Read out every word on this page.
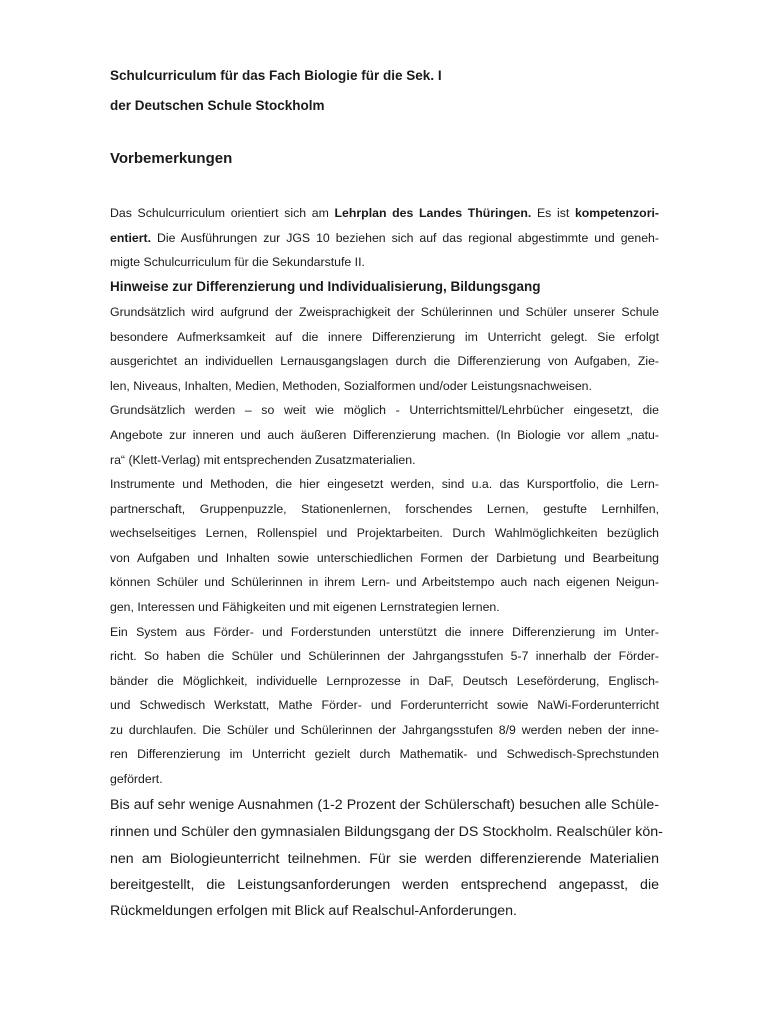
Schulcurriculum für das Fach Biologie für die Sek. I
der Deutschen Schule Stockholm
Vorbemerkungen
Das Schulcurriculum orientiert sich am Lehrplan des Landes Thüringen. Es ist kompetenzori-
entiert. Die Ausführungen zur JGS 10 beziehen sich auf das regional abgestimmte und geneh-
migte Schulcurriculum für die Sekundarstufe II.
Hinweise zur Differenzierung und Individualisierung, Bildungsgang
Grundsätzlich wird aufgrund der Zweisprachigkeit der Schülerinnen und Schüler unserer Schule
besondere Aufmerksamkeit auf die innere Differenzierung im Unterricht gelegt. Sie erfolgt
ausgerichtet an individuellen Lernausgangslagen durch die Differenzierung von Aufgaben, Zie-
len, Niveaus, Inhalten, Medien, Methoden, Sozialformen und/oder Leistungsnachweisen.
Grundsätzlich werden – so weit wie möglich - Unterrichtsmittel/Lehrbücher eingesetzt, die
Angebote zur inneren und auch äußeren Differenzierung machen. (In Biologie vor allem „natu-
ra“ (Klett-Verlag) mit entsprechenden Zusatzmaterialien.
Instrumente und Methoden, die hier eingesetzt werden, sind u.a. das Kursportfolio, die Lern-
partnerschaft, Gruppenpuzzle, Stationenlernen, forschendes Lernen, gestufte Lernhilfen,
wechselseitiges Lernen, Rollenspiel und Projektarbeiten. Durch Wahlmöglichkeiten bezüglich
von Aufgaben und Inhalten sowie unterschiedlichen Formen der Darbietung und Bearbeitung
können Schüler und Schülerinnen in ihrem Lern- und Arbeitstempo auch nach eigenen Neigun-
gen, Interessen und Fähigkeiten und mit eigenen Lernstrategien lernen.
Ein System aus Förder- und Forderstunden unterstützt die innere Differenzierung im Unter-
richt. So haben die Schüler und Schülerinnen der Jahrgangsstufen 5-7 innerhalb der Förder-
bänder die Möglichkeit, individuelle Lernprozesse in DaF, Deutsch Leseförderung, Englisch-
und Schwedisch Werkstatt, Mathe Förder- und Forderunterricht sowie NaWi-Forderunterricht
zu durchlaufen. Die Schüler und Schülerinnen der Jahrgangsstufen 8/9 werden neben der inne-
ren Differenzierung im Unterricht gezielt durch Mathematik- und Schwedisch-Sprechstunden
gefördert.
Bis auf sehr wenige Ausnahmen (1-2 Prozent der Schülerschaft) besuchen alle Schüle-
rinnen und Schüler den gymnasialen Bildungsgang der DS Stockholm. Realschüler kön-
nen am Biologieunterricht teilnehmen. Für sie werden differenzierende Materialien
bereitgestellt, die Leistungsanforderungen werden entsprechend angepasst, die
Rückmeldungen erfolgen mit Blick auf Realschul-Anforderungen.
